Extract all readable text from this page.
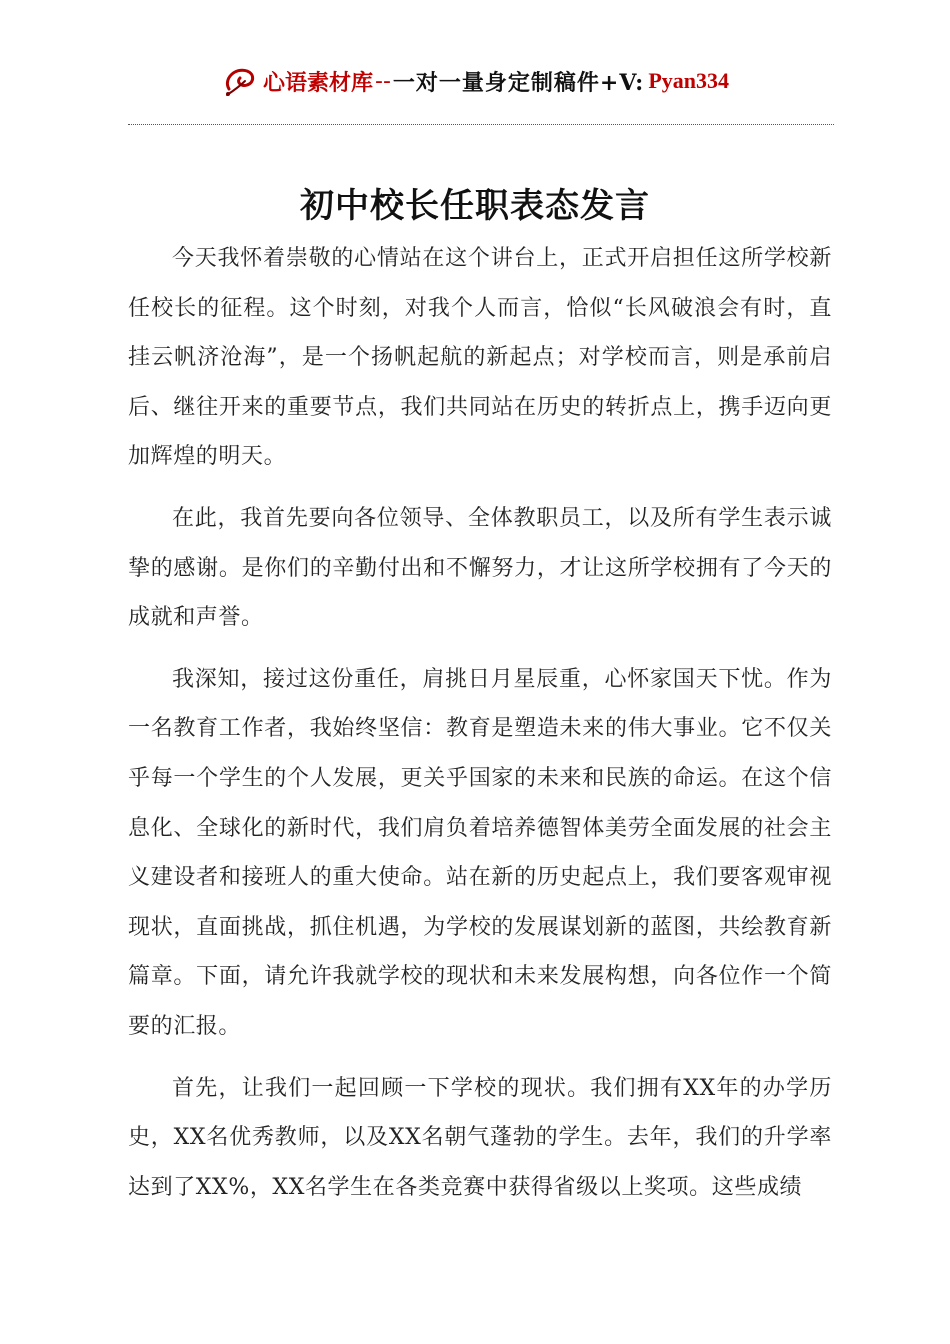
心语素材库 -- 一对一量身定制稿件+V: Pyan334
初中校长任职表态发言

今天我怀着崇敬的心情站在这个讲台上，正式开启担任这所学校新任校长的征程。这个时刻，对我个人而言，恰似“长风破浪会有时，直挂云帆济沧海”，是一个扬帆起航的新起点；对学校而言，则是承前启后、继往开来的重要节点，我们共同站在历史的转折点上，携手迈向更加辉煌的明天。

在此，我首先要向各位领导、全体教职员工，以及所有学生表示诚挚的感谢。是你们的辛勤付出和不懈努力，才让这所学校拥有了今天的成就和声誉。

我深知，接过这份重任，肩挑日月星辰重，心怀家国天下忧。作为一名教育工作者，我始终坚信：教育是塑造未来的伟大事业。它不仅关乎每一个学生的个人发展，更关乎国家的未来和民族的命运。在这个信息化、全球化的新时代，我们肩负着培养德智体美劳全面发展的社会主义建设者和接班人的重大使命。站在新的历史起点上，我们要客观审视现状，直面挑战，抓住机遇，为学校的发展谋划新的蓝图，共绘教育新篇章。下面，请允许我就学校的现状和未来发展构想，向各位作一个简要的汇报。

首先，让我们一起回顾一下学校的现状。我们拥有XX年的办学历史，XX名优秀教师，以及XX名朝气蓬勃的学生。去年，我们的升学率达到了XX%，XX名学生在各类竞赛中获得省级以上奖项。这些成绩
